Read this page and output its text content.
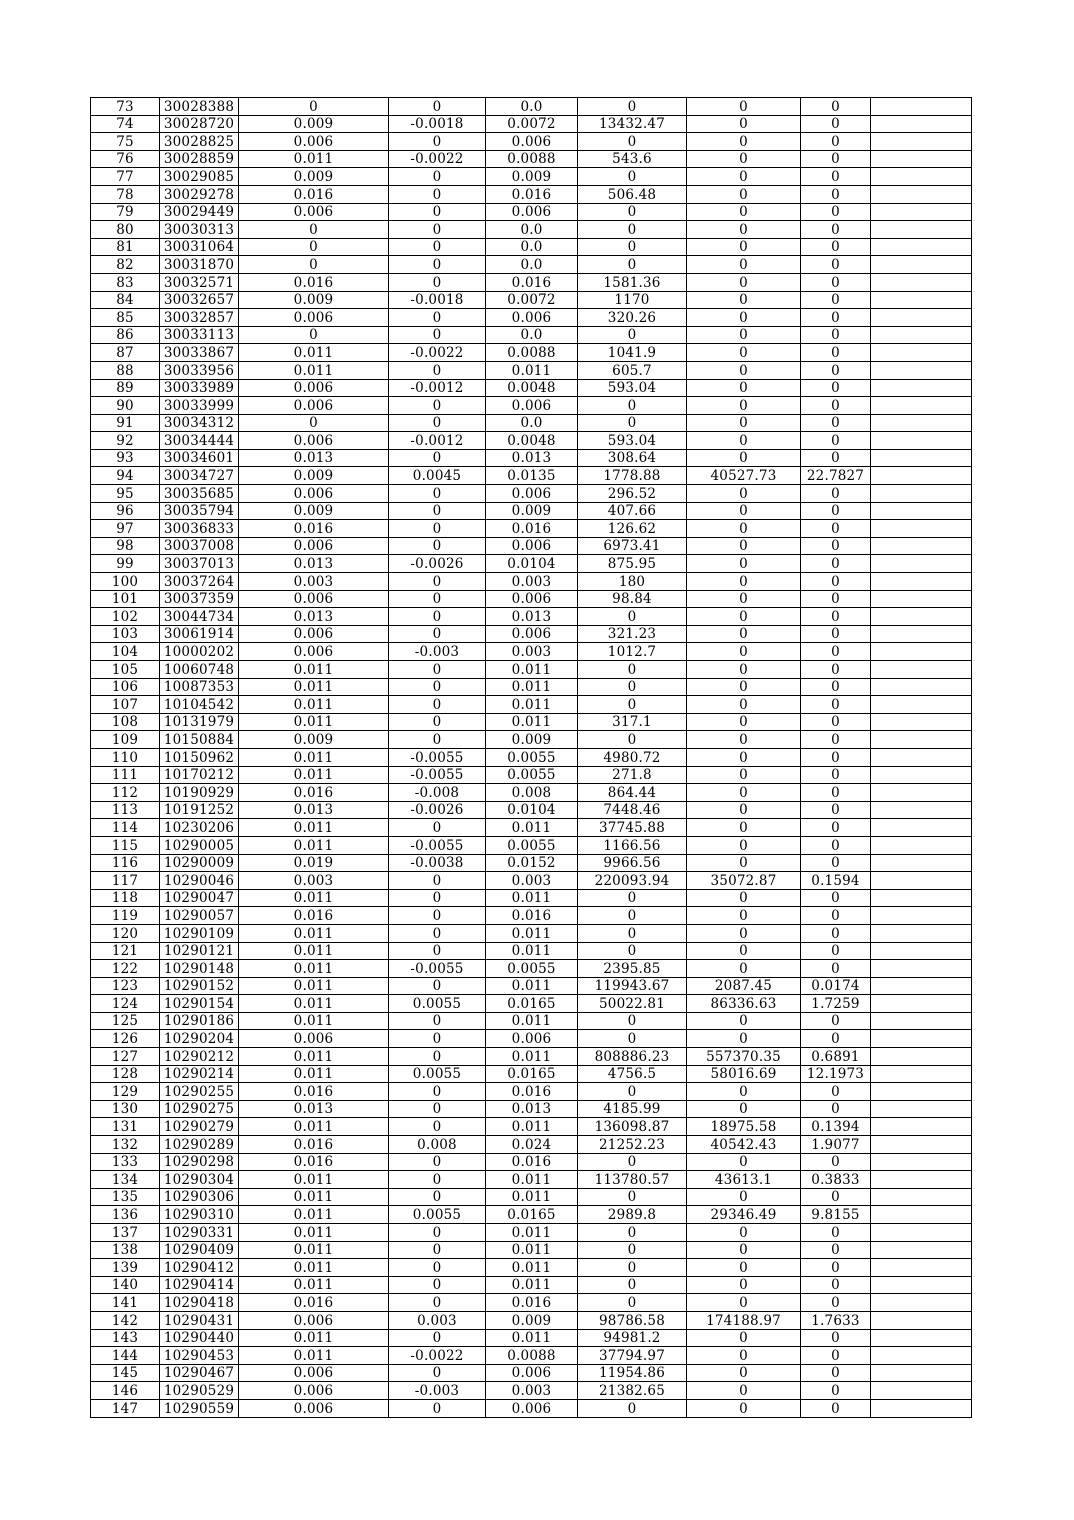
73	30028388	0	0	0.0	0	0	0	
74	30028720	0.009	-0.0018	0.0072	13432.47	0	0	
75	30028825	0.006	0	0.006	0	0	0	
76	30028859	0.011	-0.0022	0.0088	543.6	0	0	
77	30029085	0.009	0	0.009	0	0	0	
78	30029278	0.016	0	0.016	506.48	0	0	
79	30029449	0.006	0	0.006	0	0	0	
80	30030313	0	0	0.0	0	0	0	
81	30031064	0	0	0.0	0	0	0	
82	30031870	0	0	0.0	0	0	0	
83	30032571	0.016	0	0.016	1581.36	0	0	
84	30032657	0.009	-0.0018	0.0072	1170	0	0	
85	30032857	0.006	0	0.006	320.26	0	0	
86	30033113	0	0	0.0	0	0	0	
87	30033867	0.011	-0.0022	0.0088	1041.9	0	0	
88	30033956	0.011	0	0.011	605.7	0	0	
89	30033989	0.006	-0.0012	0.0048	593.04	0	0	
90	30033999	0.006	0	0.006	0	0	0	
91	30034312	0	0	0.0	0	0	0	
92	30034444	0.006	-0.0012	0.0048	593.04	0	0	
93	30034601	0.013	0	0.013	308.64	0	0	
94	30034727	0.009	0.0045	0.0135	1778.88	40527.73	22.7827	
95	30035685	0.006	0	0.006	296.52	0	0	
96	30035794	0.009	0	0.009	407.66	0	0	
97	30036833	0.016	0	0.016	126.62	0	0	
98	30037008	0.006	0	0.006	6973.41	0	0	
99	30037013	0.013	-0.0026	0.0104	875.95	0	0	
100	30037264	0.003	0	0.003	180	0	0	
101	30037359	0.006	0	0.006	98.84	0	0	
102	30044734	0.013	0	0.013	0	0	0	
103	30061914	0.006	0	0.006	321.23	0	0	
104	10000202	0.006	-0.003	0.003	1012.7	0	0	
105	10060748	0.011	0	0.011	0	0	0	
106	10087353	0.011	0	0.011	0	0	0	
107	10104542	0.011	0	0.011	0	0	0	
108	10131979	0.011	0	0.011	317.1	0	0	
109	10150884	0.009	0	0.009	0	0	0	
110	10150962	0.011	-0.0055	0.0055	4980.72	0	0	
111	10170212	0.011	-0.0055	0.0055	271.8	0	0	
112	10190929	0.016	-0.008	0.008	864.44	0	0	
113	10191252	0.013	-0.0026	0.0104	7448.46	0	0	
114	10230206	0.011	0	0.011	37745.88	0	0	
115	10290005	0.011	-0.0055	0.0055	1166.56	0	0	
116	10290009	0.019	-0.0038	0.0152	9966.56	0	0	
117	10290046	0.003	0	0.003	220093.94	35072.87	0.1594	
118	10290047	0.011	0	0.011	0	0	0	
119	10290057	0.016	0	0.016	0	0	0	
120	10290109	0.011	0	0.011	0	0	0	
121	10290121	0.011	0	0.011	0	0	0	
122	10290148	0.011	-0.0055	0.0055	2395.85	0	0	
123	10290152	0.011	0	0.011	119943.67	2087.45	0.0174	
124	10290154	0.011	0.0055	0.0165	50022.81	86336.63	1.7259	
125	10290186	0.011	0	0.011	0	0	0	
126	10290204	0.006	0	0.006	0	0	0	
127	10290212	0.011	0	0.011	808886.23	557370.35	0.6891	
128	10290214	0.011	0.0055	0.0165	4756.5	58016.69	12.1973	
129	10290255	0.016	0	0.016	0	0	0	
130	10290275	0.013	0	0.013	4185.99	0	0	
131	10290279	0.011	0	0.011	136098.87	18975.58	0.1394	
132	10290289	0.016	0.008	0.024	21252.23	40542.43	1.9077	
133	10290298	0.016	0	0.016	0	0	0	
134	10290304	0.011	0	0.011	113780.57	43613.1	0.3833	
135	10290306	0.011	0	0.011	0	0	0	
136	10290310	0.011	0.0055	0.0165	2989.8	29346.49	9.8155	
137	10290331	0.011	0	0.011	0	0	0	
138	10290409	0.011	0	0.011	0	0	0	
139	10290412	0.011	0	0.011	0	0	0	
140	10290414	0.011	0	0.011	0	0	0	
141	10290418	0.016	0	0.016	0	0	0	
142	10290431	0.006	0.003	0.009	98786.58	174188.97	1.7633	
143	10290440	0.011	0	0.011	94981.2	0	0	
144	10290453	0.011	-0.0022	0.0088	37794.97	0	0	
145	10290467	0.006	0	0.006	11954.86	0	0	
146	10290529	0.006	-0.003	0.003	21382.65	0	0	
147	10290559	0.006	0	0.006	0	0	0	
